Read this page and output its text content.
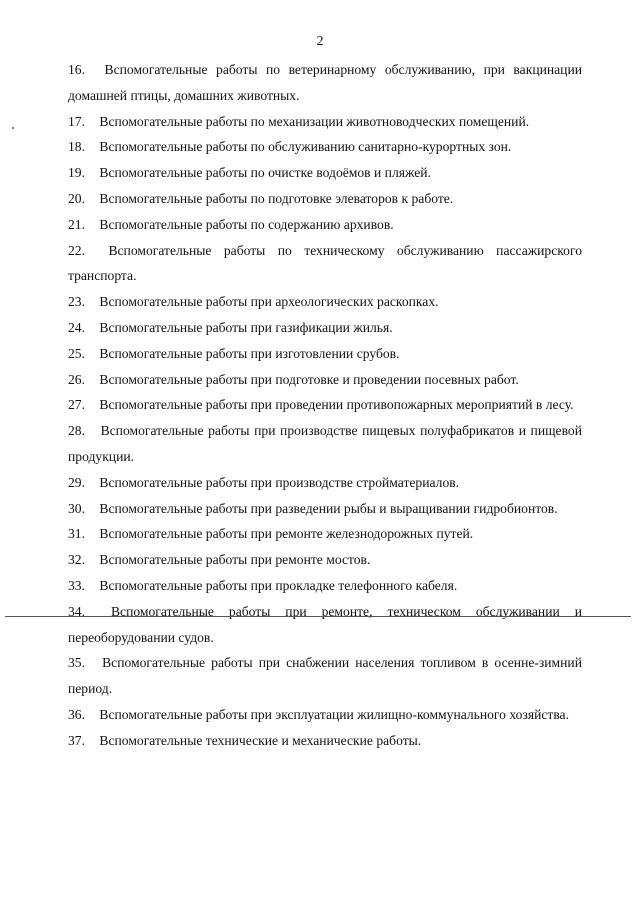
2
16. Вспомогательные работы по ветеринарному обслуживанию, при вакцинации домашней птицы, домашних животных.
17. Вспомогательные работы по механизации животноводческих помещений.
18. Вспомогательные работы по обслуживанию санитарно-курортных зон.
19. Вспомогательные работы по очистке водоёмов и пляжей.
20. Вспомогательные работы по подготовке элеваторов к работе.
21. Вспомогательные работы по содержанию архивов.
22. Вспомогательные работы по техническому обслуживанию пассажирского транспорта.
23. Вспомогательные работы при археологических раскопках.
24. Вспомогательные работы при газификации жилья.
25. Вспомогательные работы при изготовлении срубов.
26. Вспомогательные работы при подготовке и проведении посевных работ.
27. Вспомогательные работы при проведении противопожарных мероприятий в лесу.
28. Вспомогательные работы при производстве пищевых полуфабрикатов и пищевой продукции.
29. Вспомогательные работы при производстве стройматериалов.
30. Вспомогательные работы при разведении рыбы и выращивании гидробионтов.
31. Вспомогательные работы при ремонте железнодорожных путей.
32. Вспомогательные работы при ремонте мостов.
33. Вспомогательные работы при прокладке телефонного кабеля.
34. Вспомогательные работы при ремонте, техническом обслуживании и переоборудовании судов.
35. Вспомогательные работы при снабжении населения топливом в осенне-зимний период.
36. Вспомогательные работы при эксплуатации жилищно-коммунального хозяйства.
37. Вспомогательные технические и механические работы.
